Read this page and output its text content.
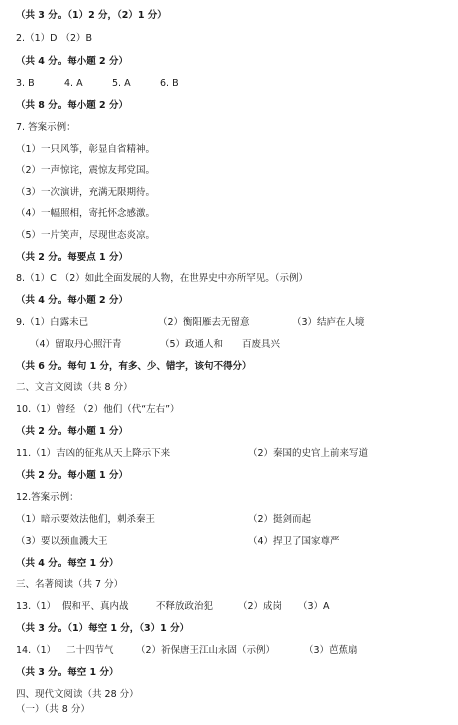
（共 3 分。（1）2 分，（2）1 分）
2.（1）D （2）B
（共 4 分。每小题 2 分）
3. B	4. A	5. A	6. B
（共 8 分。每小题 2 分）
7. 答案示例：
（1）一只风筝，彰显自省精神。
（2）一声惊诧，震惊友邦党国。
（3）一次演讲，充满无限期待。
（4）一幅照相，寄托怀念感激。
（5）一片笑声，尽现世态炎凉。
（共 2 分。每要点 1 分）
8.（1）C （2）如此全面发展的人物，在世界史中亦所罕见。（示例）
（共 4 分。每小题 2 分）
9.（1）白露未已	（2）衡阳雁去无留意	（3）结庐在人境
（4）留取丹心照汗青	（5）政通人和 百废具兴
（共 6 分。每句 1 分，有多、少、错字，该句不得分）
二、文言文阅读（共 8 分）
10.（1）曾经 （2）他们（代“左右”）
（共 2 分。每小题 1 分）
11.（1）吉凶的征兆从天上降示下来	（2）秦国的史官上前来写道
（共 2 分。每小题 1 分）
12.答案示例：
（1）暗示要效法他们，刺杀秦王	（2）挺剑而起
（3）要以颈血溅大王	（4）捍卫了国家尊严
（共 4 分。每空 1 分）
三、名著阅读（共 7 分）
13.（1） 假和平、真内战	不释放政治犯	（2）成岗 （3）A
（共 3 分。（1）每空 1 分，（3）1 分）
14.（1） 二十四节气 （2）祈保唐王江山永固（示例）	（3）芭蕉扇
（共 3 分。每空 1 分）
四、现代文阅读（共 28 分）
（一）（共 8 分）
